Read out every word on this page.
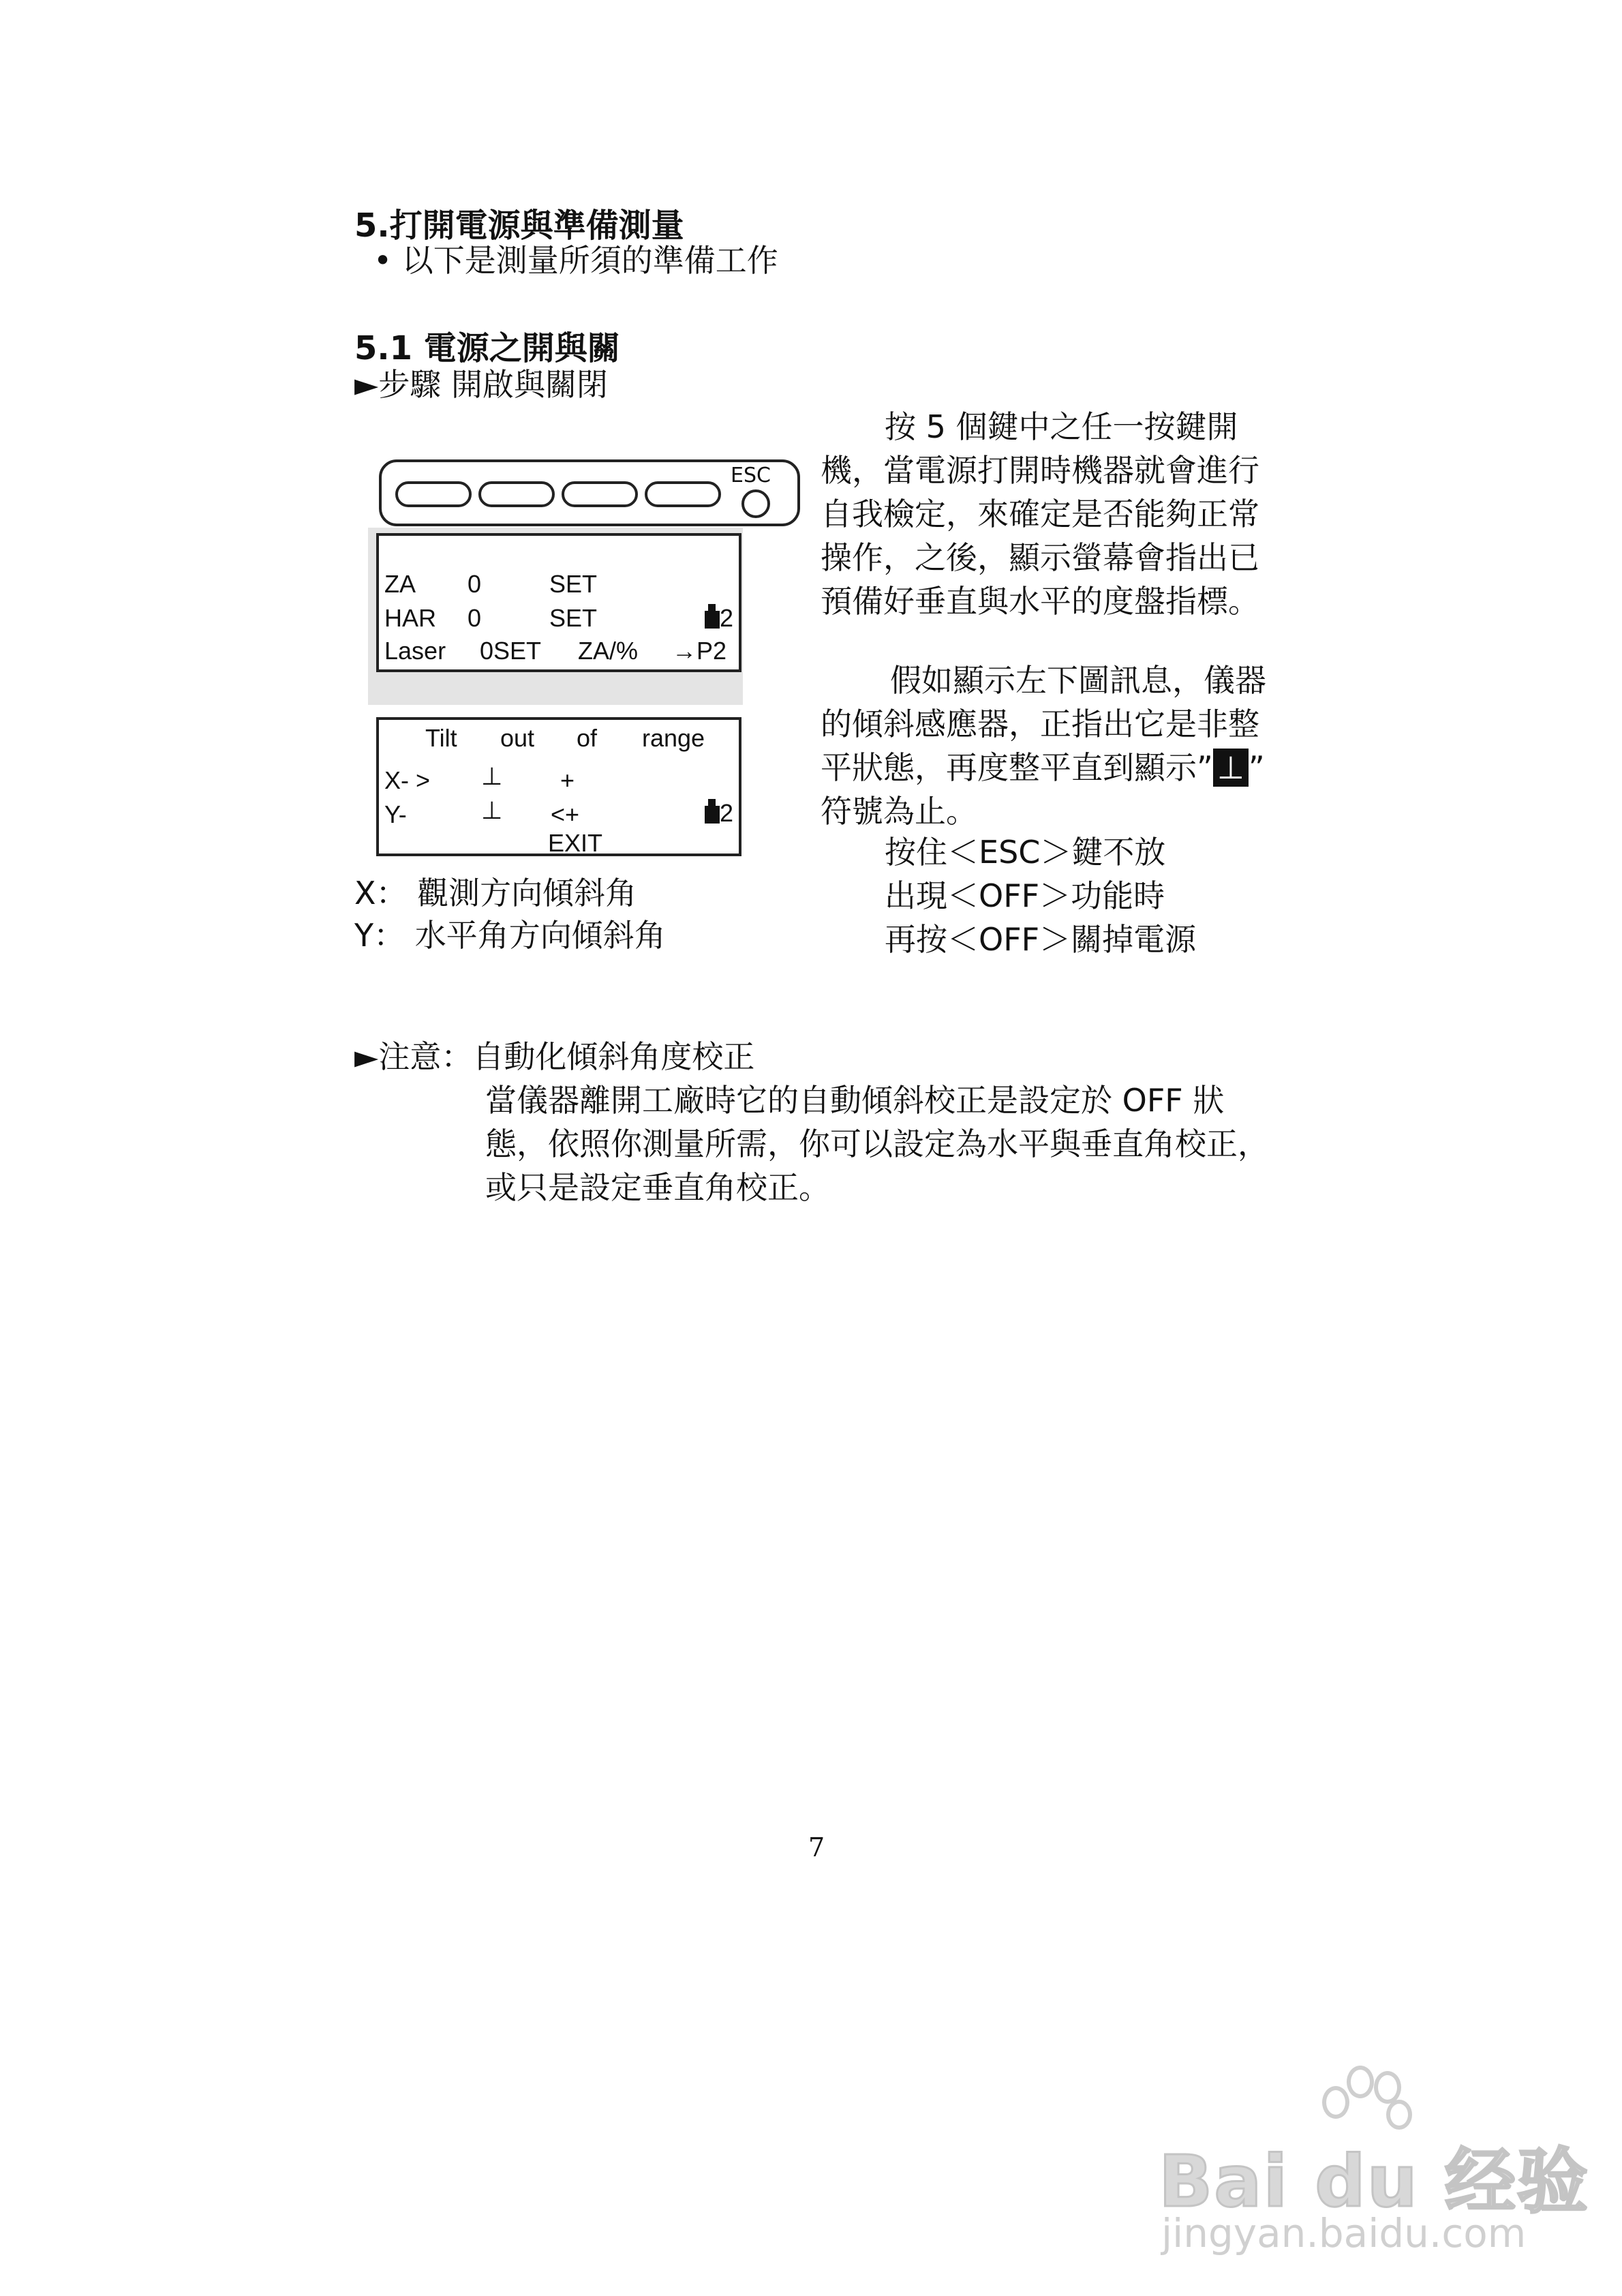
5.打開電源與準備測量
• 以下是測量所須的準備工作
5.1 電源之開與關
►步驟 開啟與關閉
ESC
ZA 0	SET
HAR 0	SET	2
Laser 0SET ZA/% →P2
Tilt out of range
X- > ⊥ +
Y-	⊥ <+	2
EXIT
X： 觀測方向傾斜角
Y： 水平角方向傾斜角
按 5 個鍵中之任一按鍵開
機，當電源打開時機器就會進行
自我檢定，來確定是否能夠正常
操作，之後，顯示螢幕會指出已
預備好垂直與水平的度盤指標。
假如顯示左下圖訊息，儀器
的傾斜感應器，正指出它是非整
平狀態，再度整平直到顯示” ⊥ ”
符號為止。
按住＜ESC＞鍵不放
出現＜OFF＞功能時
再按＜OFF＞關掉電源
►注意：自動化傾斜角度校正
當儀器離開工廠時它的自動傾斜校正是設定於 OFF 狀
態，依照你測量所需，你可以設定為水平與垂直角校正，
或只是設定垂直角校正。
7
Bai du 经验
jingyan.baidu.com
